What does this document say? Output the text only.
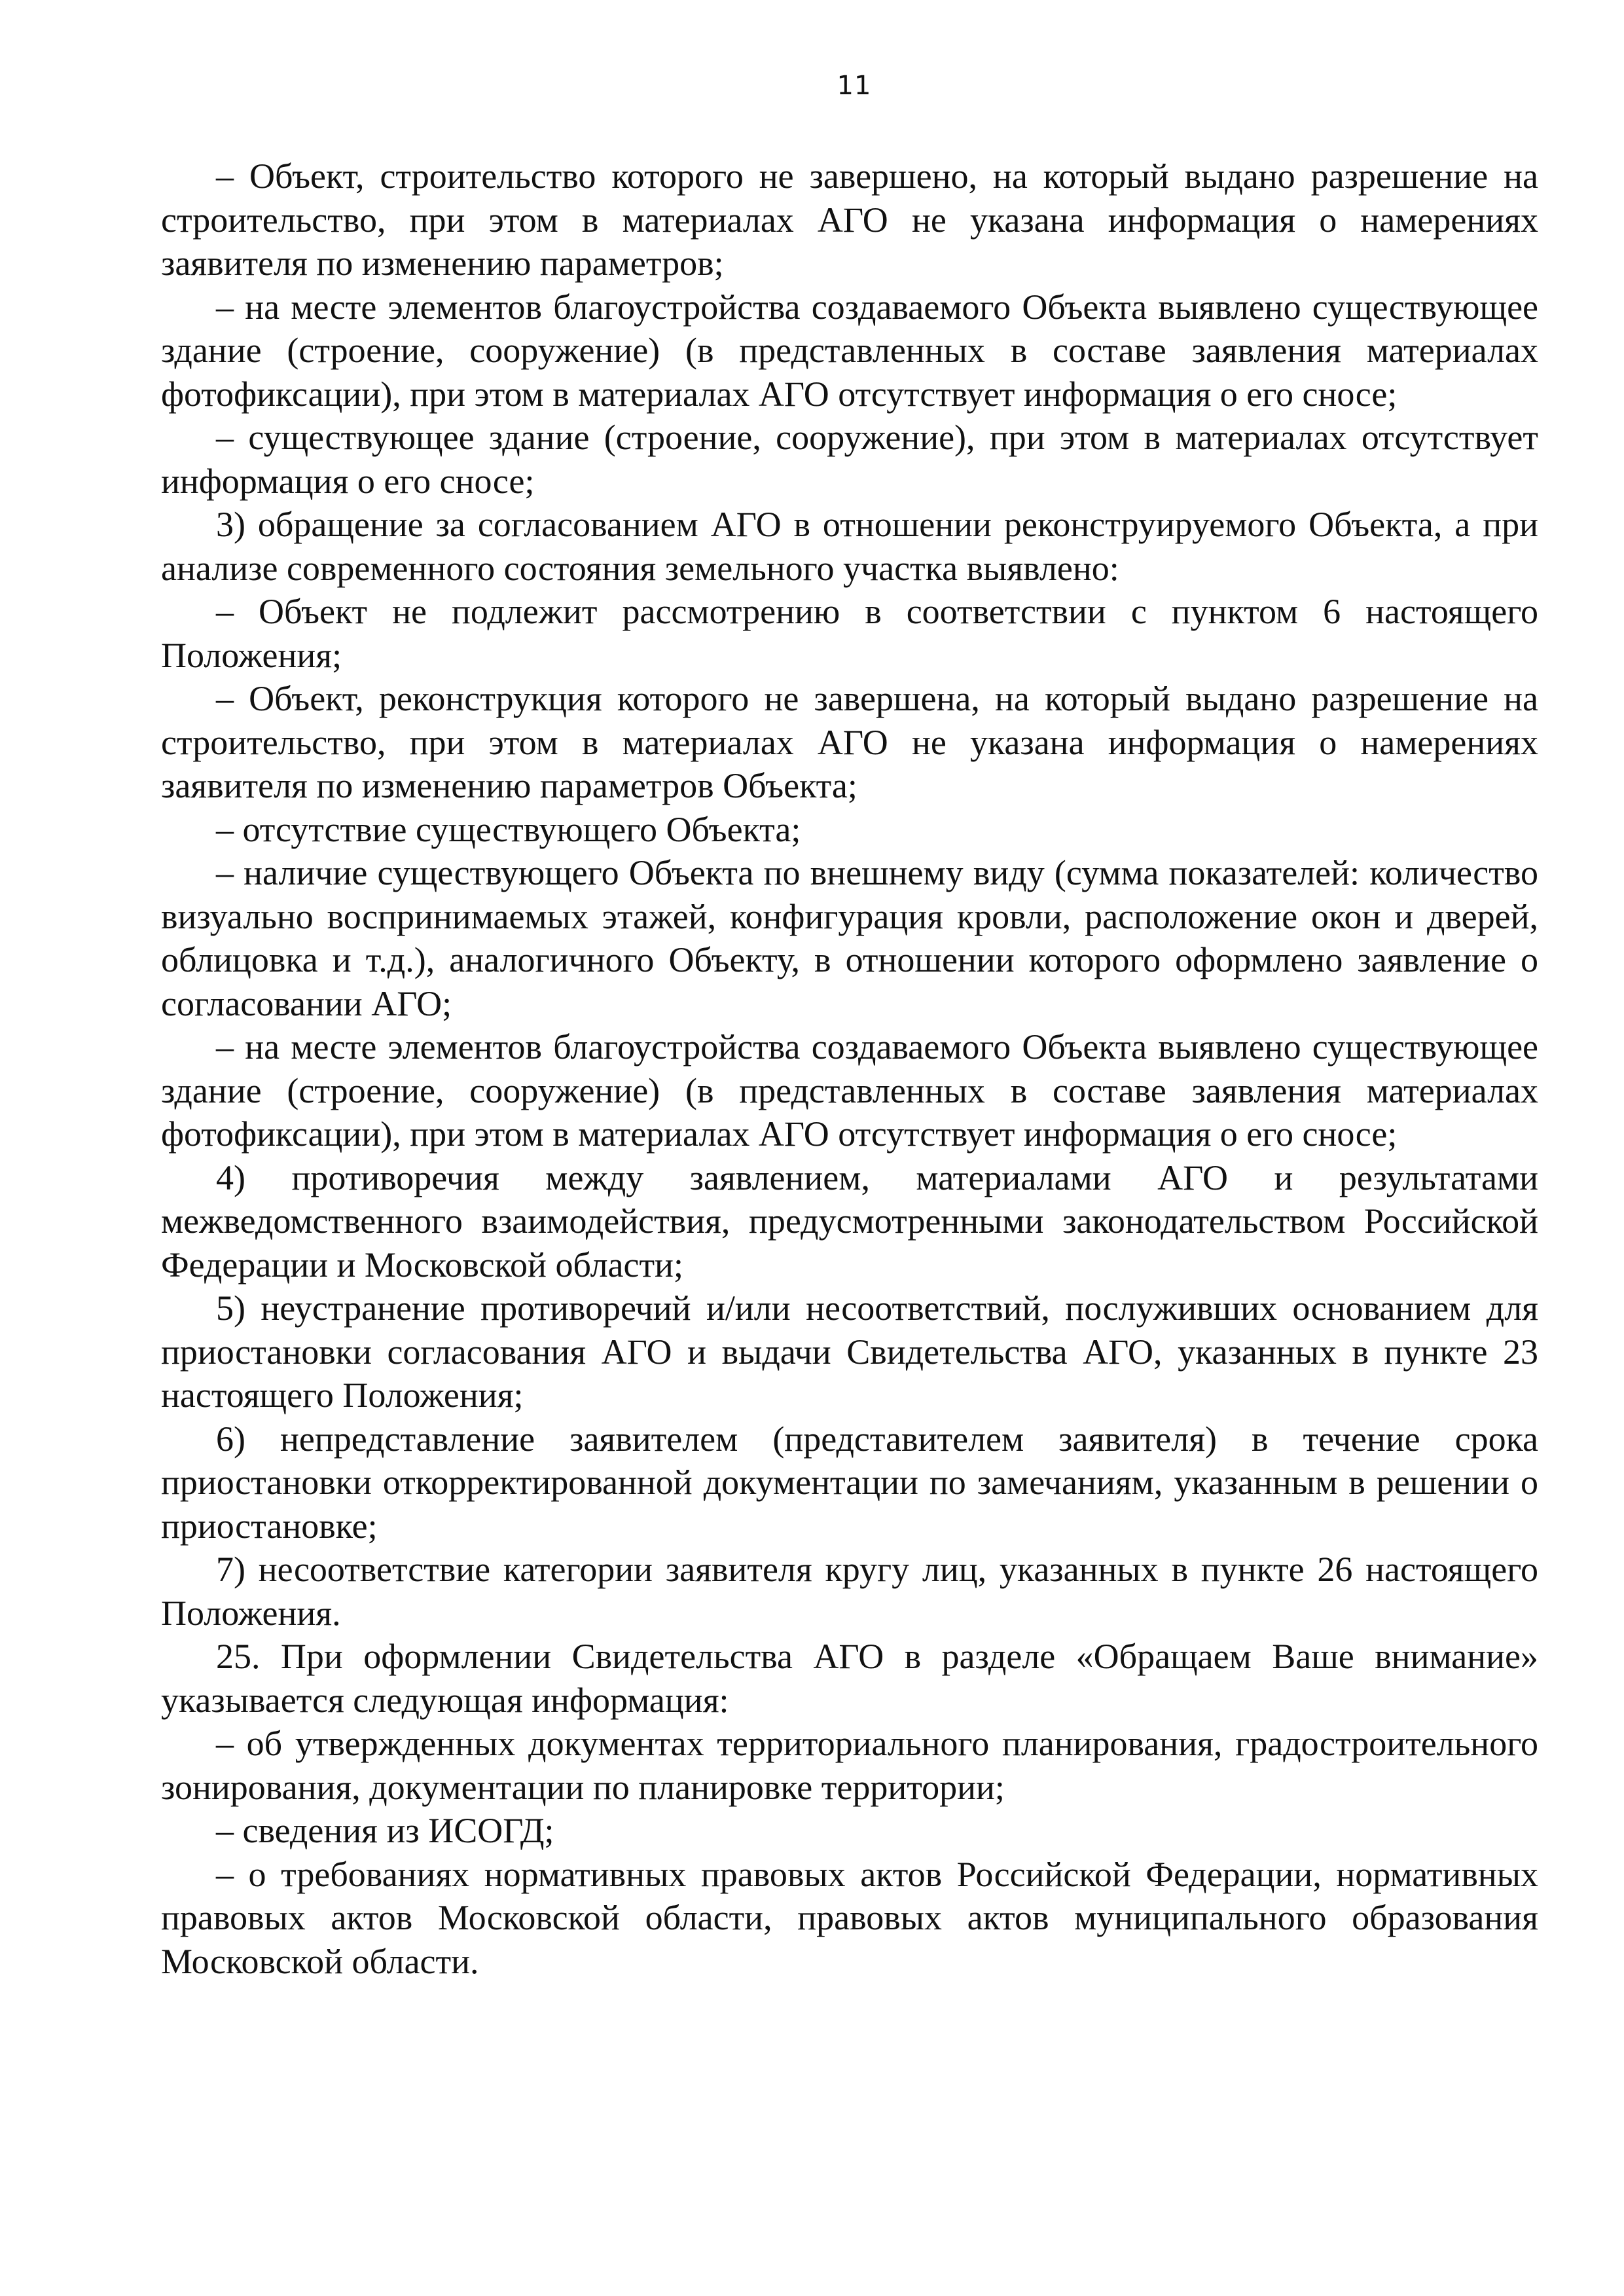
11

– Объект, строительство которого не завершено, на который выдано разрешение на строительство, при этом в материалах АГО не указана информация о намерениях заявителя по изменению параметров;

– на месте элементов благоустройства создаваемого Объекта выявлено существующее здание (строение, сооружение) (в представленных в составе заявления материалах фотофиксации), при этом в материалах АГО отсутствует информация о его сносе;

– существующее здание (строение, сооружение), при этом в материалах отсутствует информация о его сносе;

3) обращение за согласованием АГО в отношении реконструируемого Объекта, а при анализе современного состояния земельного участка выявлено:

– Объект не подлежит рассмотрению в соответствии с пунктом 6 настоящего Положения;

– Объект, реконструкция которого не завершена, на который выдано разрешение на строительство, при этом в материалах АГО не указана информация о намерениях заявителя по изменению параметров Объекта;

– отсутствие существующего Объекта;

– наличие существующего Объекта по внешнему виду (сумма показателей: количество визуально воспринимаемых этажей, конфигурация кровли, расположение окон и дверей, облицовка и т.д.), аналогичного Объекту, в отношении которого оформлено заявление о согласовании АГО;

– на месте элементов благоустройства создаваемого Объекта выявлено существующее здание (строение, сооружение) (в представленных в составе заявления материалах фотофиксации), при этом в материалах АГО отсутствует информация о его сносе;

4) противоречия между заявлением, материалами АГО и результатами межведомственного взаимодействия, предусмотренными законодательством Российской Федерации и Московской области;

5) неустранение противоречий и/или несоответствий, послуживших основанием для приостановки согласования АГО и выдачи Свидетельства АГО, указанных в пункте 23 настоящего Положения;

6) непредставление заявителем (представителем заявителя) в течение срока приостановки откорректированной документации по замечаниям, указанным в решении о приостановке;

7) несоответствие категории заявителя кругу лиц, указанных в пункте 26 настоящего Положения.

25. При оформлении Свидетельства АГО в разделе «Обращаем Ваше внимание» указывается следующая информация:

– об утвержденных документах территориального планирования, градостроительного зонирования, документации по планировке территории;

– сведения из ИСОГД;

– о требованиях нормативных правовых актов Российской Федерации, нормативных правовых актов Московской области, правовых актов муниципального образования Московской области.
